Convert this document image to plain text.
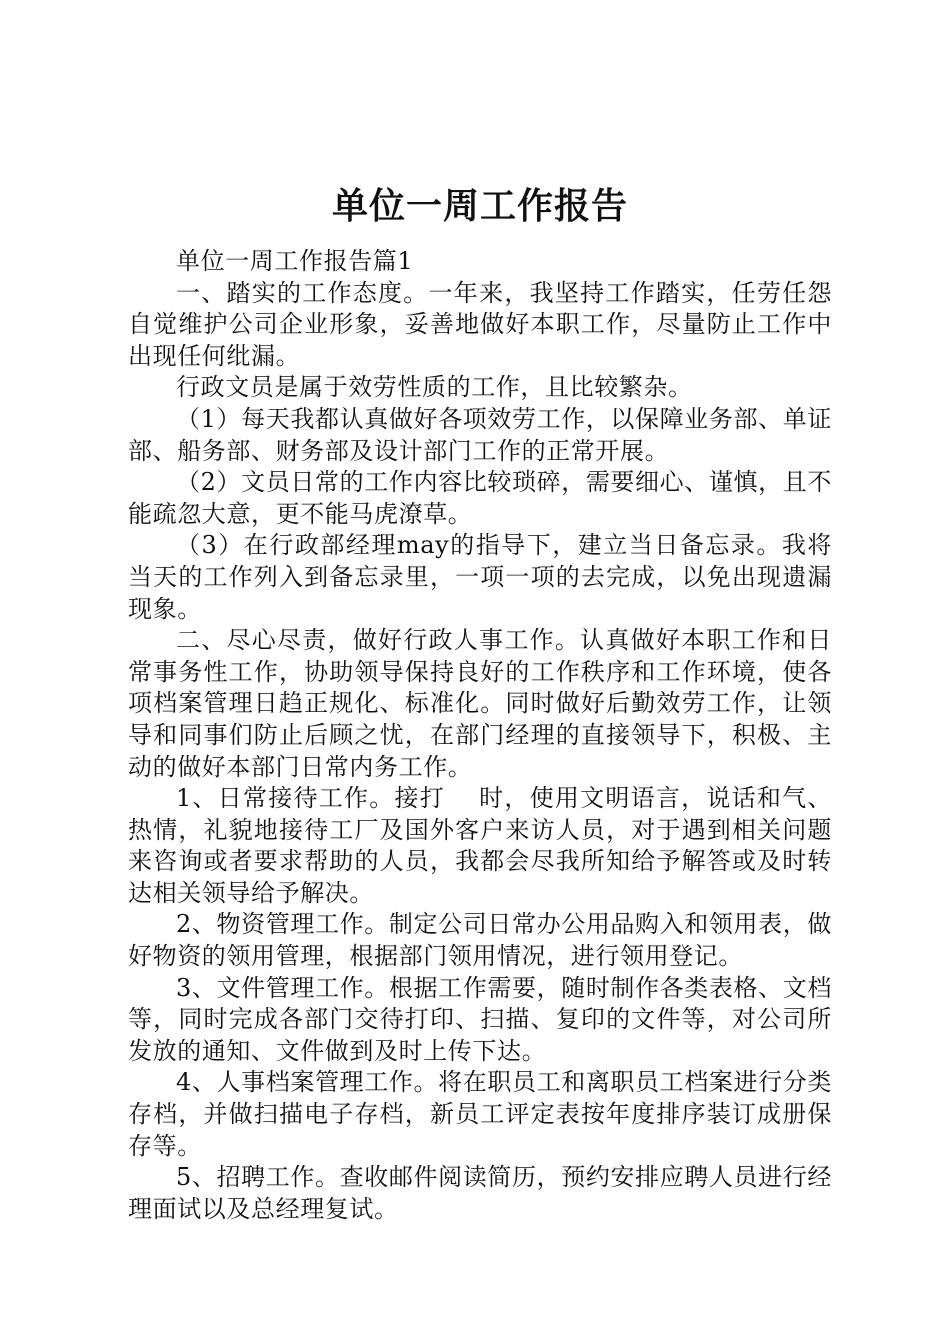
单位一周工作报告

单位一周工作报告篇1

一、踏实的工作态度。一年来，我坚持工作踏实，任劳任怨自觉维护公司企业形象，妥善地做好本职工作，尽量防止工作中出现任何纰漏。

行政文员是属于效劳性质的工作，且比较繁杂。

（1）每天我都认真做好各项效劳工作，以保障业务部、单证部、船务部、财务部及设计部门工作的正常开展。

（2）文员日常的工作内容比较琐碎，需要细心、谨慎，且不能疏忽大意，更不能马虎潦草。

（3）在行政部经理may的指导下，建立当日备忘录。我将当天的工作列入到备忘录里，一项一项的去完成，以免出现遗漏现象。

二、尽心尽责，做好行政人事工作。认真做好本职工作和日常事务性工作，协助领导保持良好的工作秩序和工作环境，使各项档案管理日趋正规化、标准化。同时做好后勤效劳工作，让领导和同事们防止后顾之忧，在部门经理的直接领导下，积极、主动的做好本部门日常内务工作。

1、日常接待工作。接打　 时，使用文明语言，说话和气、热情，礼貌地接待工厂及国外客户来访人员，对于遇到相关问题来咨询或者要求帮助的人员，我都会尽我所知给予解答或及时转达相关领导给予解决。

2、物资管理工作。制定公司日常办公用品购入和领用表，做好物资的领用管理，根据部门领用情况，进行领用登记。

3、文件管理工作。根据工作需要，随时制作各类表格、文档等，同时完成各部门交待打印、扫描、复印的文件等，对公司所发放的通知、文件做到及时上传下达。

4、人事档案管理工作。将在职员工和离职员工档案进行分类存档，并做扫描电子存档，新员工评定表按年度排序装订成册保存等。

5、招聘工作。查收邮件阅读简历，预约安排应聘人员进行经理面试以及总经理复试。
